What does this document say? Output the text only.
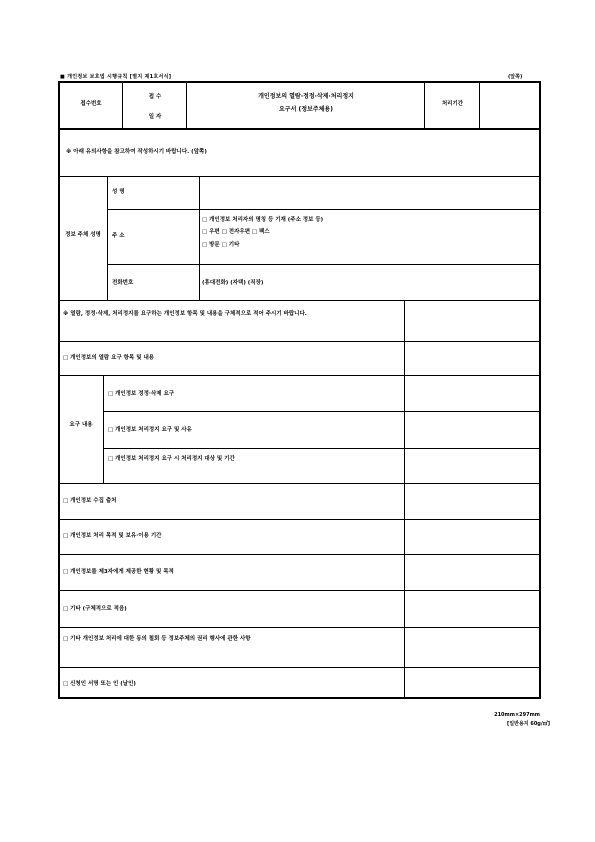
■ 개인정보 보호법 시행규칙 [별지 제1호서식]	(앞쪽)
접수번호
접 수
일 자
개인정보의 열람·정정·삭제·처리정지
요구서 (정보주체용)
처리기간
※ 아래 유의사항을 참고하여 작성하시기 바랍니다. (앞쪽)
정보 주체 성명
성 명
주 소
□ 개인정보 처리자의 명칭 등 기재 (주소 정보 등)
□ 우편 □ 전자우편 □ 팩스
□ 방문 □ 기타
전화번호	(휴대전화) (자택) (직장)
※ 열람, 정정·삭제, 처리정지를 요구하는 개인정보 항목 및 내용을 구체적으로 적어 주시기 바랍니다.
□ 개인정보의 열람 요구 항목 및 내용
요구 내용
□ 개인정보 정정·삭제 요구
□ 개인정보 처리정지 요구 및 사유
□ 개인정보 처리정지 요구 시 처리정지 대상 및 기간
□ 개인정보 수집 출처
□ 개인정보 처리 목적 및 보유·이용 기간
□ 개인정보를 제3자에게 제공한 현황 및 목적
□ 기타 (구체적으로 적음)
□ 기타 개인정보 처리에 대한 동의 철회 등 정보주체의 권리 행사에 관한 사항
□ 신청인 서명 또는 인 (날인)
210mm×297mm
[일반용지 60g/㎡]
